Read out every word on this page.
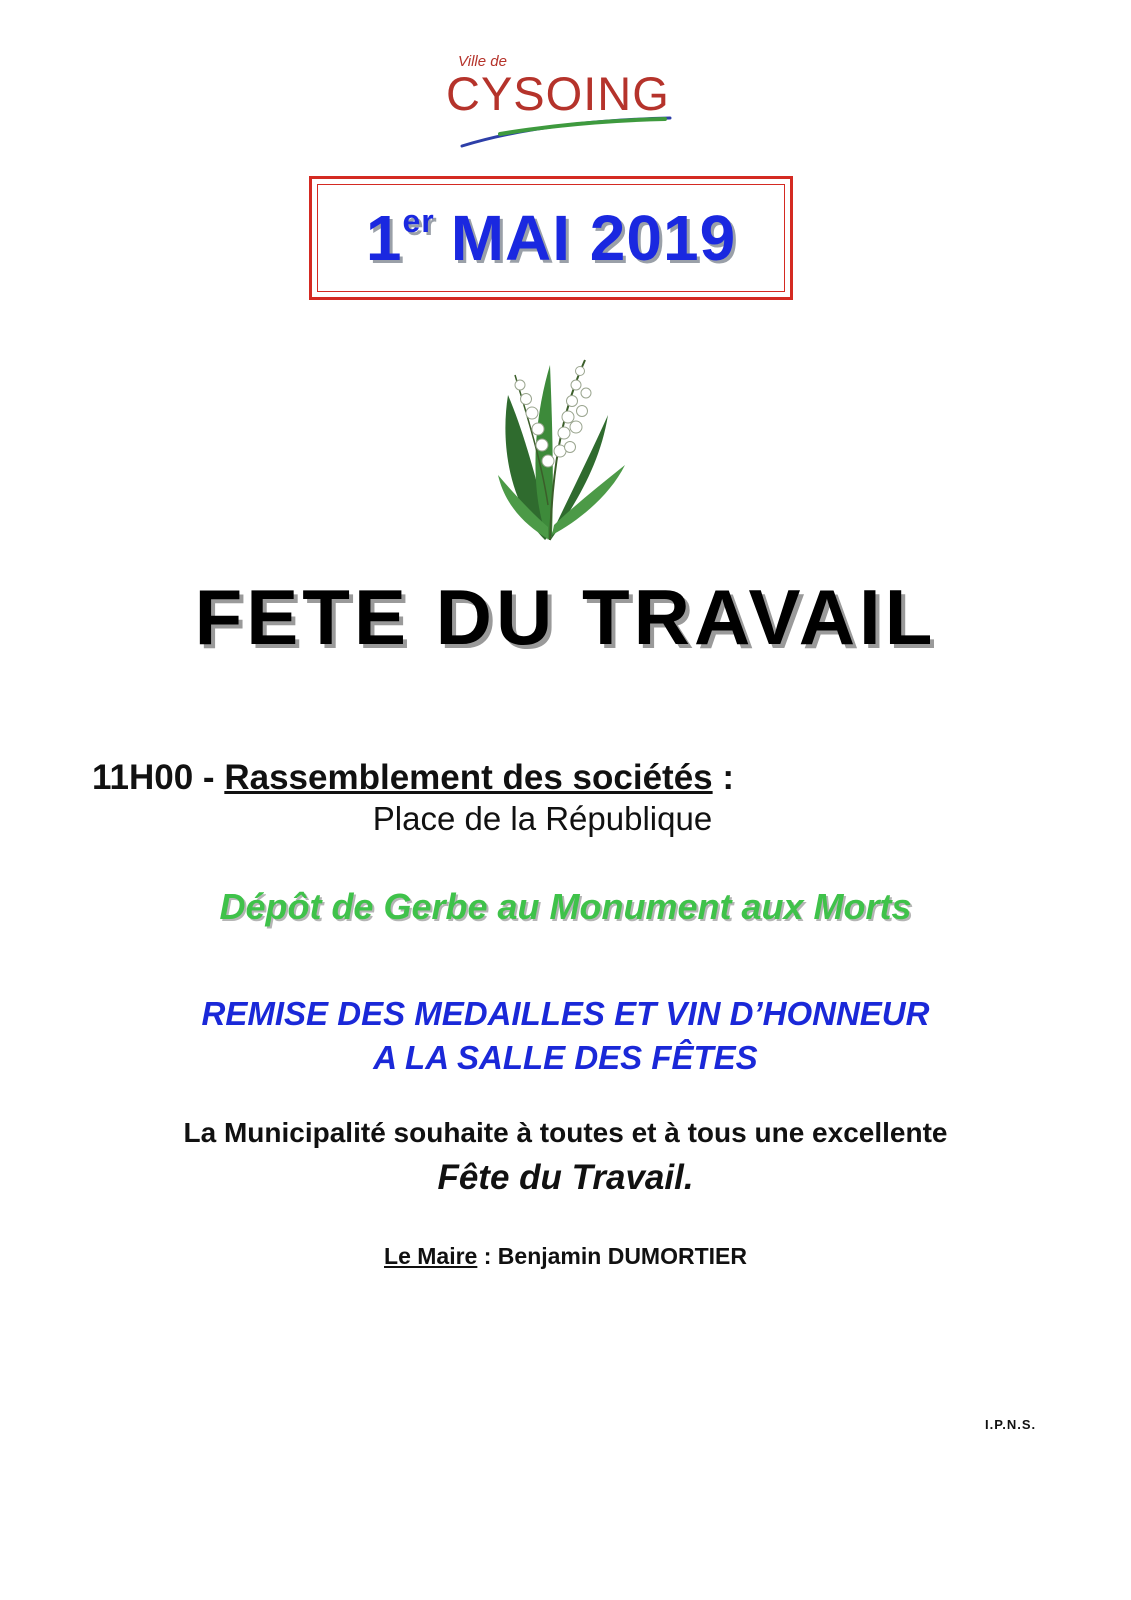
Ville de
CYSOING
1er MAI 2019
FETE DU TRAVAIL
11H00 - Rassemblement des sociétés :
Place de la République
Dépôt de Gerbe au Monument aux Morts
REMISE DES MEDAILLES ET VIN D’HONNEUR
A LA SALLE DES FÊTES
La Municipalité souhaite à toutes et à tous une excellente
Fête du Travail.
Le Maire : Benjamin DUMORTIER
I.P.N.S.
